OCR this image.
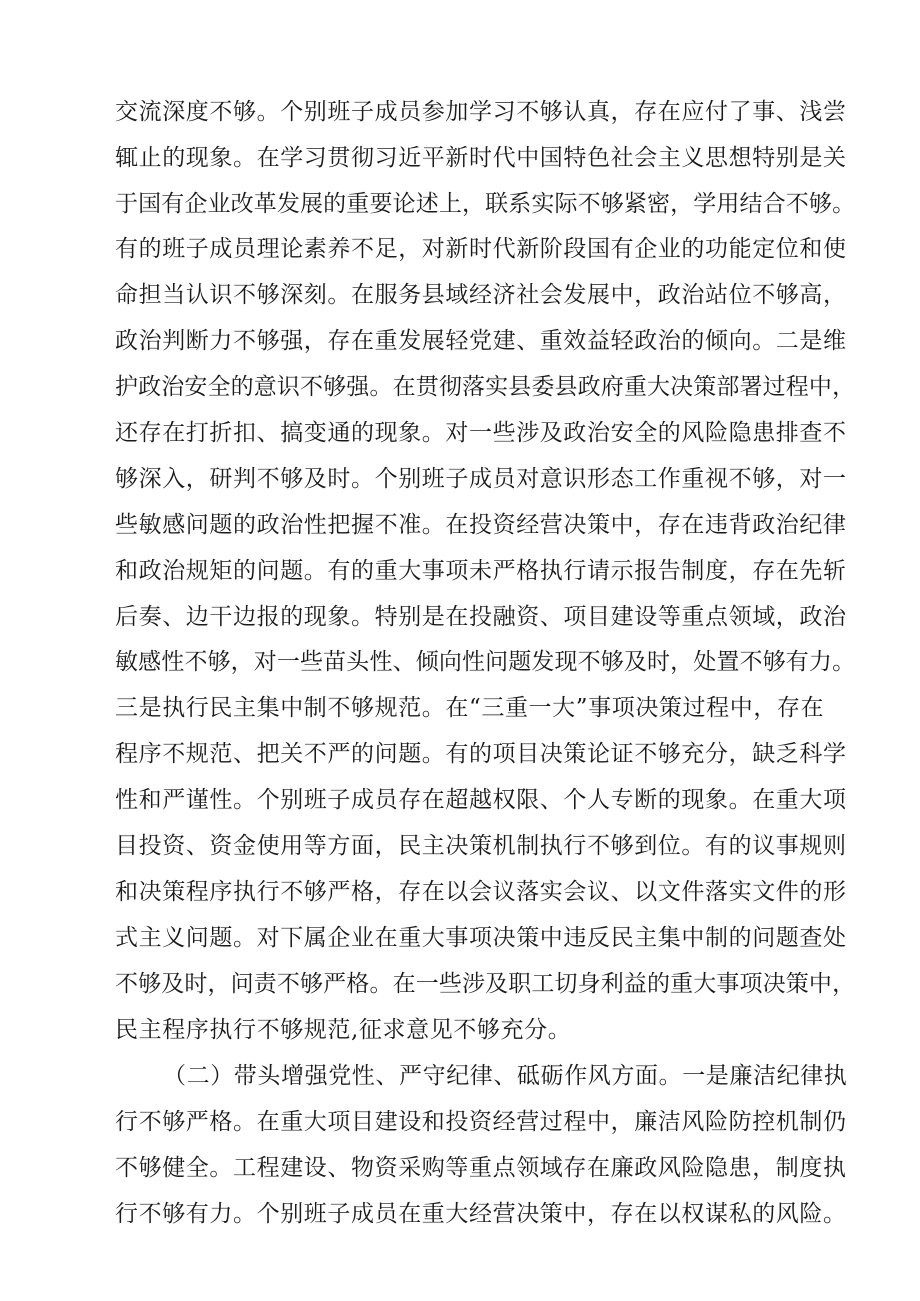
交流深度不够。个别班子成员参加学习不够认真，存在应付了事、浅尝
辄止的现象。在学习贯彻习近平新时代中国特色社会主义思想特别是关
于国有企业改革发展的重要论述上，联系实际不够紧密，学用结合不够。
有的班子成员理论素养不足，对新时代新阶段国有企业的功能定位和使
命担当认识不够深刻。在服务县域经济社会发展中，政治站位不够高，
政治判断力不够强，存在重发展轻党建、重效益轻政治的倾向。二是维
护政治安全的意识不够强。在贯彻落实县委县政府重大决策部署过程中，
还存在打折扣、搞变通的现象。对一些涉及政治安全的风险隐患排查不
够深入，研判不够及时。个别班子成员对意识形态工作重视不够，对一
些敏感问题的政治性把握不准。在投资经营决策中，存在违背政治纪律
和政治规矩的问题。有的重大事项未严格执行请示报告制度，存在先斩
后奏、边干边报的现象。特别是在投融资、项目建设等重点领域，政治
敏感性不够，对一些苗头性、倾向性问题发现不够及时，处置不够有力。
三是执行民主集中制不够规范。在“三重一大”事项决策过程中，存在
程序不规范、把关不严的问题。有的项目决策论证不够充分，缺乏科学
性和严谨性。个别班子成员存在超越权限、个人专断的现象。在重大项
目投资、资金使用等方面，民主决策机制执行不够到位。有的议事规则
和决策程序执行不够严格，存在以会议落实会议、以文件落实文件的形
式主义问题。对下属企业在重大事项决策中违反民主集中制的问题查处
不够及时，问责不够严格。在一些涉及职工切身利益的重大事项决策中，
民主程序执行不够规范,征求意见不够充分。
（二）带头增强党性、严守纪律、砥砺作风方面。一是廉洁纪律执
行不够严格。在重大项目建设和投资经营过程中，廉洁风险防控机制仍
不够健全。工程建设、物资采购等重点领域存在廉政风险隐患，制度执
行不够有力。个别班子成员在重大经营决策中，存在以权谋私的风险。
